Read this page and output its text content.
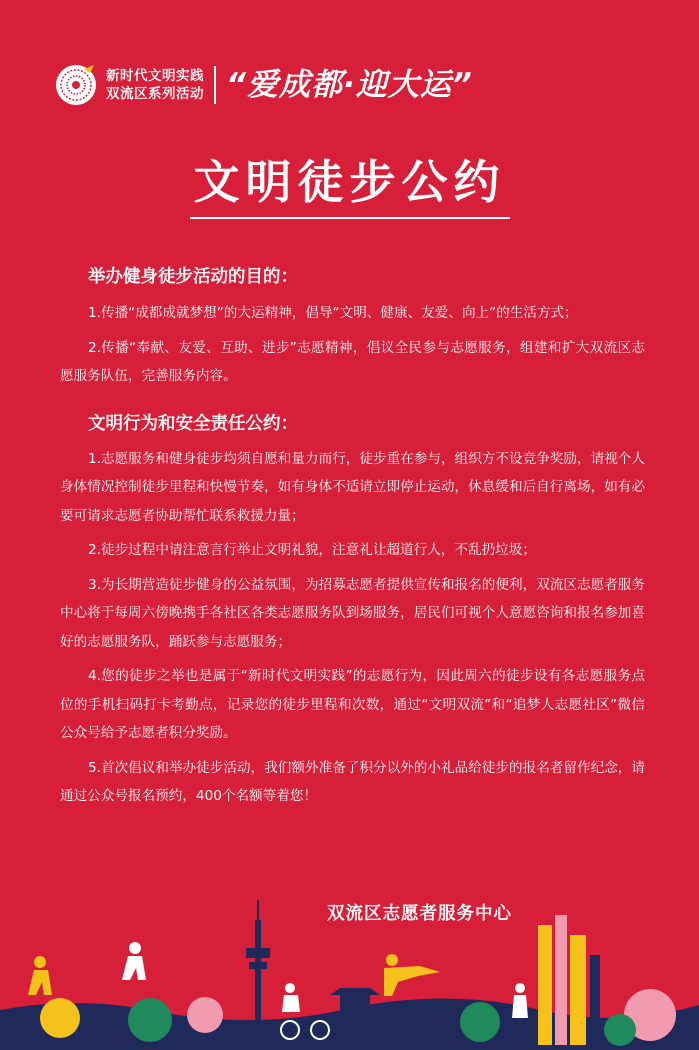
新时代文明实践
双流区系列活动 “爱成都·迎大运”
文明徒步公约
举办健身徒步活动的目的：

1.传播“成都成就梦想”的大运精神，倡导“文明、健康、友爱、向上”的生活方式；

2.传播“奉献、友爱、互助、进步”志愿精神，倡议全民参与志愿服务，组建和扩大双流区志愿服务队伍，完善服务内容。

文明行为和安全责任公约：

1.志愿服务和健身徒步均须自愿和量力而行，徒步重在参与，组织方不设竞争奖励，请视个人身体情况控制徒步里程和快慢节奏，如有身体不适请立即停止运动，休息缓和后自行离场，如有必要可请求志愿者协助帮忙联系救援力量；

2.徒步过程中请注意言行举止文明礼貌，注意礼让超道行人，不乱扔垃圾；

3.为长期营造徒步健身的公益氛围，为招募志愿者提供宣传和报名的便利，双流区志愿者服务中心将于每周六傍晚携手各社区各类志愿服务队到场服务，居民们可视个人意愿咨询和报名参加喜好的志愿服务队，踊跃参与志愿服务；

4.您的徒步之举也是属于“新时代文明实践”的志愿行为，因此周六的徒步设有各志愿服务点位的手机扫码打卡考勤点，记录您的徒步里程和次数，通过“文明双流”和“追梦人志愿社区”微信公众号给予志愿者积分奖励。

5.首次倡议和举办徒步活动，我们额外准备了积分以外的小礼品给徒步的报名者留作纪念，请通过公众号报名预约，400个名额等着您！

双流区志愿者服务中心
